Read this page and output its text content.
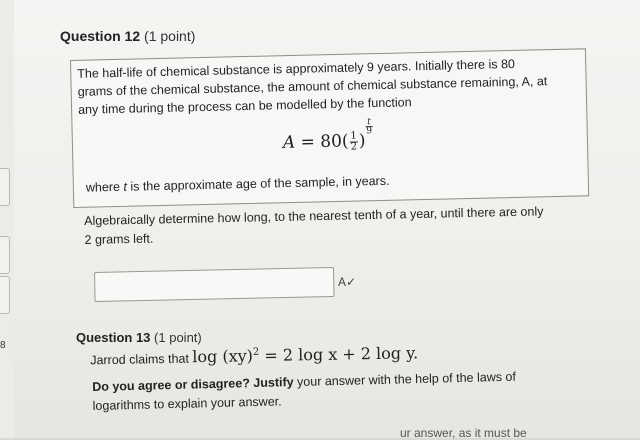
8
Question 12 (1 point)
The half-life of chemical substance is approximately 9 years. Initially there is 80
grams of the chemical substance, the amount of chemical substance remaining, A, at
any time during the process can be modelled by the function
$A = 80( \frac{1}{2}$ )
$\frac{t}{9}$
where t is the approximate age of the sample, in years.
Algebraically determine how long, to the nearest tenth of a year, until there are only
2 grams left.
A✓
Question 13 (1 point)
Jarrod claims that log (xy)$^2$ = 2 log x + 2 log y.
Do you agree or disagree? Justify your answer with the help of the laws of
logarithms to explain your answer.
ur answer, as it must be
